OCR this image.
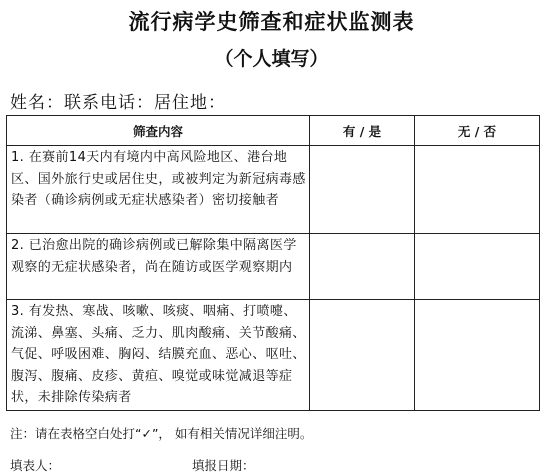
流行病学史筛查和症状监测表
（个人填写）
姓名：联系电话：居住地：
筛查内容	有 / 是	无 / 否
1. 在赛前14天内有境内中高风险地区、港台地区、国外旅行史或居住史，或被判定为新冠病毒感染者（确诊病例或无症状感染者）密切接触者		
2. 已治愈出院的确诊病例或已解除集中隔离医学观察的无症状感染者，尚在随访或医学观察期内		
3. 有发热、寒战、咳嗽、咳痰、咽痛、打喷嚏、流涕、鼻塞、头痛、乏力、肌肉酸痛、关节酸痛、气促、呼吸困难、胸闷、结膜充血、恶心、呕吐、腹泻、腹痛、皮疹、黄疸、嗅觉或味觉减退等症状，未排除传染病者		
注：请在表格空白处打“✓”， 如有相关情况详细注明。
填表人：	填报日期：
